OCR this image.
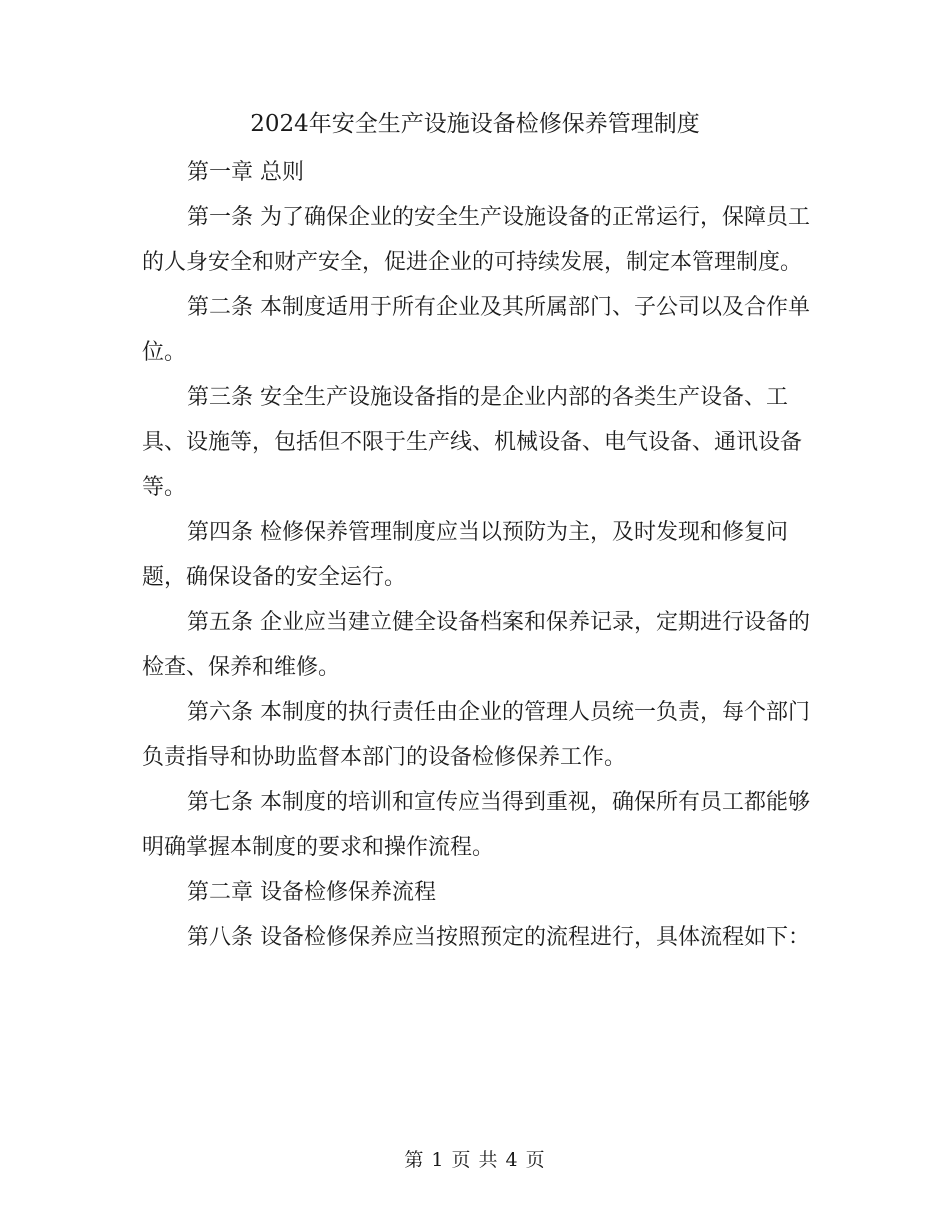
2024年安全生产设施设备检修保养管理制度

第一章 总则

第一条 为了确保企业的安全生产设施设备的正常运行，保障员工的人身安全和财产安全，促进企业的可持续发展，制定本管理制度。

第二条 本制度适用于所有企业及其所属部门、子公司以及合作单位。

第三条 安全生产设施设备指的是企业内部的各类生产设备、工具、设施等，包括但不限于生产线、机械设备、电气设备、通讯设备等。

第四条 检修保养管理制度应当以预防为主，及时发现和修复问题，确保设备的安全运行。

第五条 企业应当建立健全设备档案和保养记录，定期进行设备的检查、保养和维修。

第六条 本制度的执行责任由企业的管理人员统一负责，每个部门负责指导和协助监督本部门的设备检修保养工作。

第七条 本制度的培训和宣传应当得到重视，确保所有员工都能够明确掌握本制度的要求和操作流程。

第二章 设备检修保养流程

第八条 设备检修保养应当按照预定的流程进行，具体流程如下：

第 1 页 共 4 页
